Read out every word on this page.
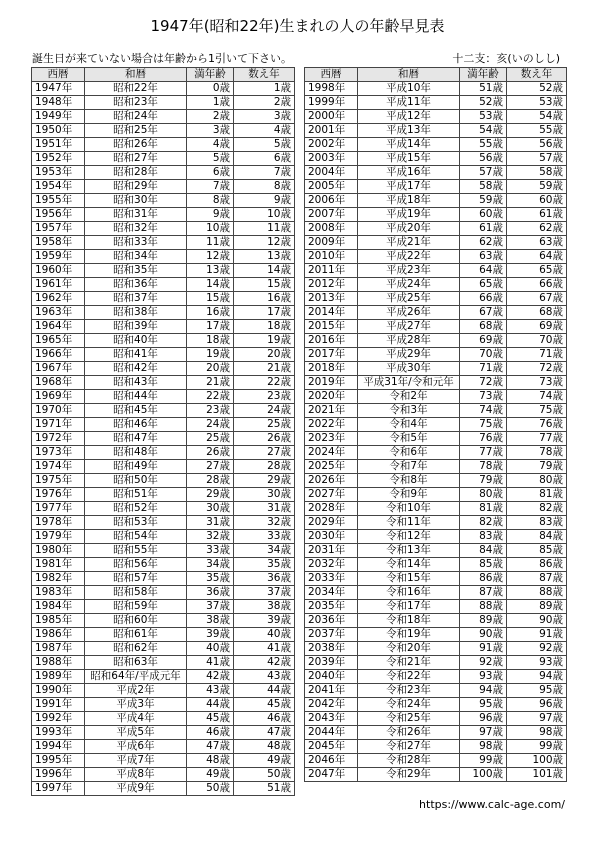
1947年(昭和22年)生まれの人の年齢早見表
誕生日が来ていない場合は年齢から1引いて下さい。	十二支：亥(いのしし)
西暦	和暦	満年齢	数え年
1947年	昭和22年	0歳	1歳
1948年	昭和23年	1歳	2歳
1949年	昭和24年	2歳	3歳
1950年	昭和25年	3歳	4歳
1951年	昭和26年	4歳	5歳
1952年	昭和27年	5歳	6歳
1953年	昭和28年	6歳	7歳
1954年	昭和29年	7歳	8歳
1955年	昭和30年	8歳	9歳
1956年	昭和31年	9歳	10歳
1957年	昭和32年	10歳	11歳
1958年	昭和33年	11歳	12歳
1959年	昭和34年	12歳	13歳
1960年	昭和35年	13歳	14歳
1961年	昭和36年	14歳	15歳
1962年	昭和37年	15歳	16歳
1963年	昭和38年	16歳	17歳
1964年	昭和39年	17歳	18歳
1965年	昭和40年	18歳	19歳
1966年	昭和41年	19歳	20歳
1967年	昭和42年	20歳	21歳
1968年	昭和43年	21歳	22歳
1969年	昭和44年	22歳	23歳
1970年	昭和45年	23歳	24歳
1971年	昭和46年	24歳	25歳
1972年	昭和47年	25歳	26歳
1973年	昭和48年	26歳	27歳
1974年	昭和49年	27歳	28歳
1975年	昭和50年	28歳	29歳
1976年	昭和51年	29歳	30歳
1977年	昭和52年	30歳	31歳
1978年	昭和53年	31歳	32歳
1979年	昭和54年	32歳	33歳
1980年	昭和55年	33歳	34歳
1981年	昭和56年	34歳	35歳
1982年	昭和57年	35歳	36歳
1983年	昭和58年	36歳	37歳
1984年	昭和59年	37歳	38歳
1985年	昭和60年	38歳	39歳
1986年	昭和61年	39歳	40歳
1987年	昭和62年	40歳	41歳
1988年	昭和63年	41歳	42歳
1989年	昭和64年/平成元年	42歳	43歳
1990年	平成2年	43歳	44歳
1991年	平成3年	44歳	45歳
1992年	平成4年	45歳	46歳
1993年	平成5年	46歳	47歳
1994年	平成6年	47歳	48歳
1995年	平成7年	48歳	49歳
1996年	平成8年	49歳	50歳
1997年	平成9年	50歳	51歳
西暦	和暦	満年齢	数え年
1998年	平成10年	51歳	52歳
1999年	平成11年	52歳	53歳
2000年	平成12年	53歳	54歳
2001年	平成13年	54歳	55歳
2002年	平成14年	55歳	56歳
2003年	平成15年	56歳	57歳
2004年	平成16年	57歳	58歳
2005年	平成17年	58歳	59歳
2006年	平成18年	59歳	60歳
2007年	平成19年	60歳	61歳
2008年	平成20年	61歳	62歳
2009年	平成21年	62歳	63歳
2010年	平成22年	63歳	64歳
2011年	平成23年	64歳	65歳
2012年	平成24年	65歳	66歳
2013年	平成25年	66歳	67歳
2014年	平成26年	67歳	68歳
2015年	平成27年	68歳	69歳
2016年	平成28年	69歳	70歳
2017年	平成29年	70歳	71歳
2018年	平成30年	71歳	72歳
2019年	平成31年/令和元年	72歳	73歳
2020年	令和2年	73歳	74歳
2021年	令和3年	74歳	75歳
2022年	令和4年	75歳	76歳
2023年	令和5年	76歳	77歳
2024年	令和6年	77歳	78歳
2025年	令和7年	78歳	79歳
2026年	令和8年	79歳	80歳
2027年	令和9年	80歳	81歳
2028年	令和10年	81歳	82歳
2029年	令和11年	82歳	83歳
2030年	令和12年	83歳	84歳
2031年	令和13年	84歳	85歳
2032年	令和14年	85歳	86歳
2033年	令和15年	86歳	87歳
2034年	令和16年	87歳	88歳
2035年	令和17年	88歳	89歳
2036年	令和18年	89歳	90歳
2037年	令和19年	90歳	91歳
2038年	令和20年	91歳	92歳
2039年	令和21年	92歳	93歳
2040年	令和22年	93歳	94歳
2041年	令和23年	94歳	95歳
2042年	令和24年	95歳	96歳
2043年	令和25年	96歳	97歳
2044年	令和26年	97歳	98歳
2045年	令和27年	98歳	99歳
2046年	令和28年	99歳	100歳
2047年	令和29年	100歳	101歳
https://www.calc-age.com/
